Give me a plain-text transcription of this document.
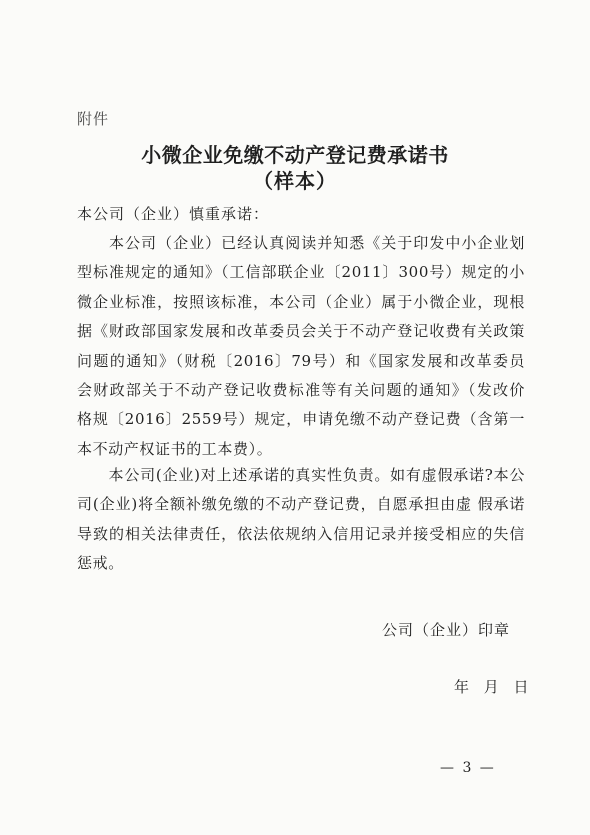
附件
小微企业免缴不动产登记费承诺书
（样本）
本公司（企业）慎重承诺：
　　本公司（企业）已经认真阅读并知悉《关于印发中小企业划型标准规定的通知》（工信部联企业〔2011〕300号）规定的小微企业标准，按照该标准，本公司（企业）属于小微企业，现根据《财政部国家发展和改革委员会关于不动产登记收费有关政策问题的通知》（财税〔2016〕79号）和《国家发展和改革委员 会财政部关于不动产登记收费标准等有关问题的通知》（发改价 格规〔2016〕2559号）规定，申请免缴不动产登记费（含第一 本不动产权证书的工本费）。
　　本公司(企业)对上述承诺的真实性负责。如有虚假承诺?本公司(企业)将全额补缴免缴的不动产登记费，自愿承担由虚 假承诺导致的相关法律责任，依法依规纳入信用记录并接受相应的失信惩戒。
公司（企业）印章
年 月 日
— 3 —
